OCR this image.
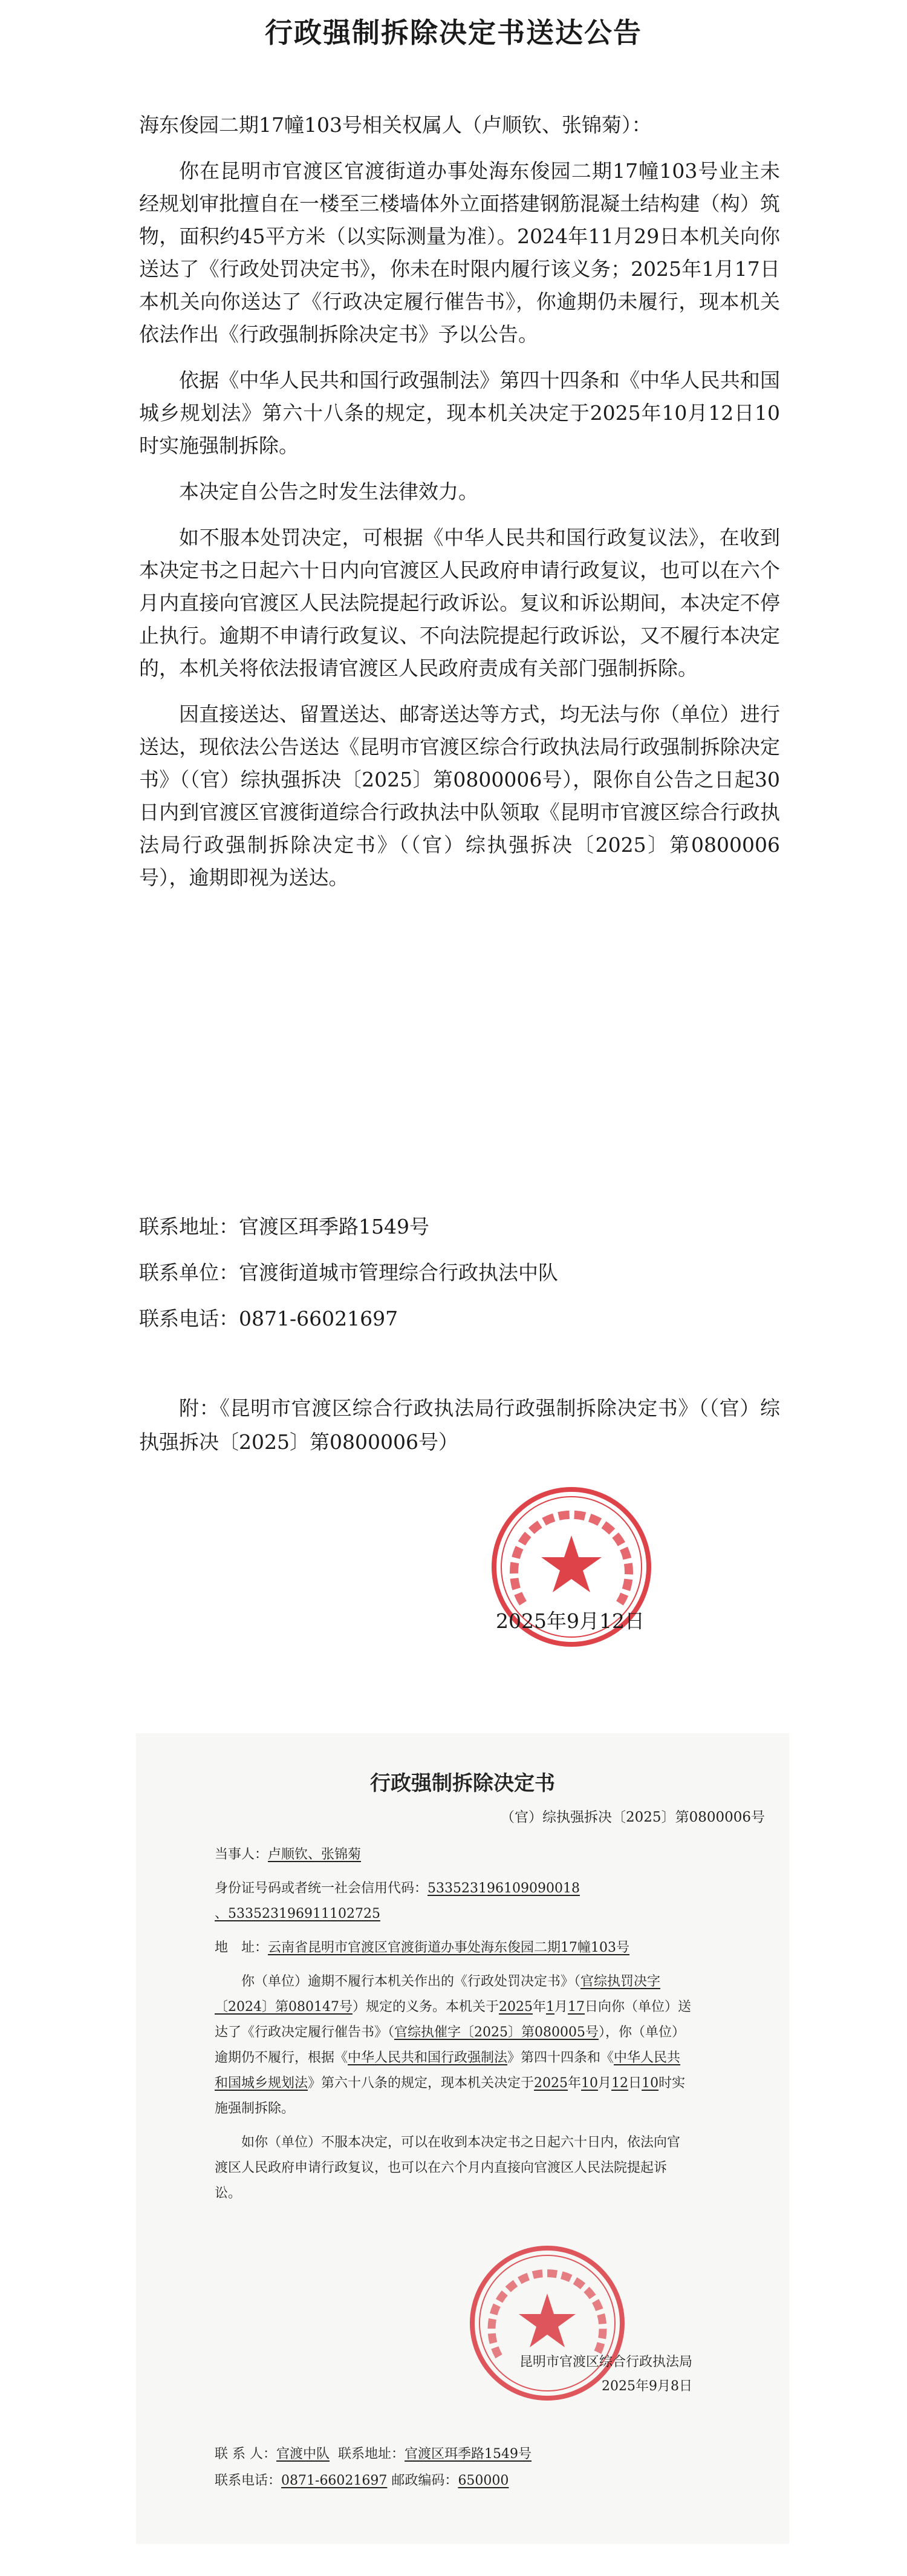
行政强制拆除决定书送达公告

海东俊园二期17幢103号相关权属人（卢顺钦、张锦菊）：

你在昆明市官渡区官渡街道办事处海东俊园二期17幢103号业主未经规划审批擅自在一楼至三楼墙体外立面搭建钢筋混凝土结构建（构）筑物，面积约45平方米（以实际测量为准）。2024年11月29日本机关向你送达了《行政处罚决定书》，你未在时限内履行该义务；2025年1月17日本机关向你送达了《行政决定履行催告书》，你逾期仍未履行，现本机关依法作出《行政强制拆除决定书》予以公告。

依据《中华人民共和国行政强制法》第四十四条和《中华人民共和国城乡规划法》第六十八条的规定，现本机关决定于2025年10月12日10时实施强制拆除。

本决定自公告之时发生法律效力。

如不服本处罚决定，可根据《中华人民共和国行政复议法》，在收到本决定书之日起六十日内向官渡区人民政府申请行政复议，也可以在六个月内直接向官渡区人民法院提起行政诉讼。复议和诉讼期间，本决定不停止执行。逾期不申请行政复议、不向法院提起行政诉讼，又不履行本决定的，本机关将依法报请官渡区人民政府责成有关部门强制拆除。

因直接送达、留置送达、邮寄送达等方式，均无法与你（单位）进行送达，现依法公告送达《昆明市官渡区综合行政执法局行政强制拆除决定书》（（官）综执强拆决〔2025〕第0800006号），限你自公告之日起30日内到官渡区官渡街道综合行政执法中队领取《昆明市官渡区综合行政执法局行政强制拆除决定书》（（官）综执强拆决〔2025〕第0800006号），逾期即视为送达。

联系地址：官渡区珥季路1549号
联系单位：官渡街道城市管理综合行政执法中队
联系电话：0871-66021697
附：《昆明市官渡区综合行政执法局行政强制拆除决定书》（（官）综执强拆决〔2025〕第0800006号）
2025年9月12日
行政强制拆除决定书
（官）综执强拆决〔2025〕第0800006号

当事人：卢顺钦、张锦菊

身份证号码或者统一社会信用代码：533523196109090018
、533523196911102725

地　址：云南省昆明市官渡区官渡街道办事处海东俊园二期17幢103号

你（单位）逾期不履行本机关作出的《行政处罚决定书》（官综执罚决字〔2024〕第080147号）规定的义务。本机关于2025年1月17日向你（单位）送达了《行政决定履行催告书》（官综执催字〔2025〕第080005号），你（单位）逾期仍不履行，根据《中华人民共和国行政强制法》第四十四条和《中华人民共和国城乡规划法》第六十八条的规定，现本机关决定于2025年10月12日10时实施强制拆除。

如你（单位）不服本决定，可以在收到本决定书之日起六十日内，依法向官渡区人民政府申请行政复议，也可以在六个月内直接向官渡区人民法院提起诉讼。

昆明市官渡区综合行政执法局
2025年9月8日
联 系 人：官渡中队 联系地址：官渡区珥季路1549号
联系电话：0871-66021697 邮政编码：650000
